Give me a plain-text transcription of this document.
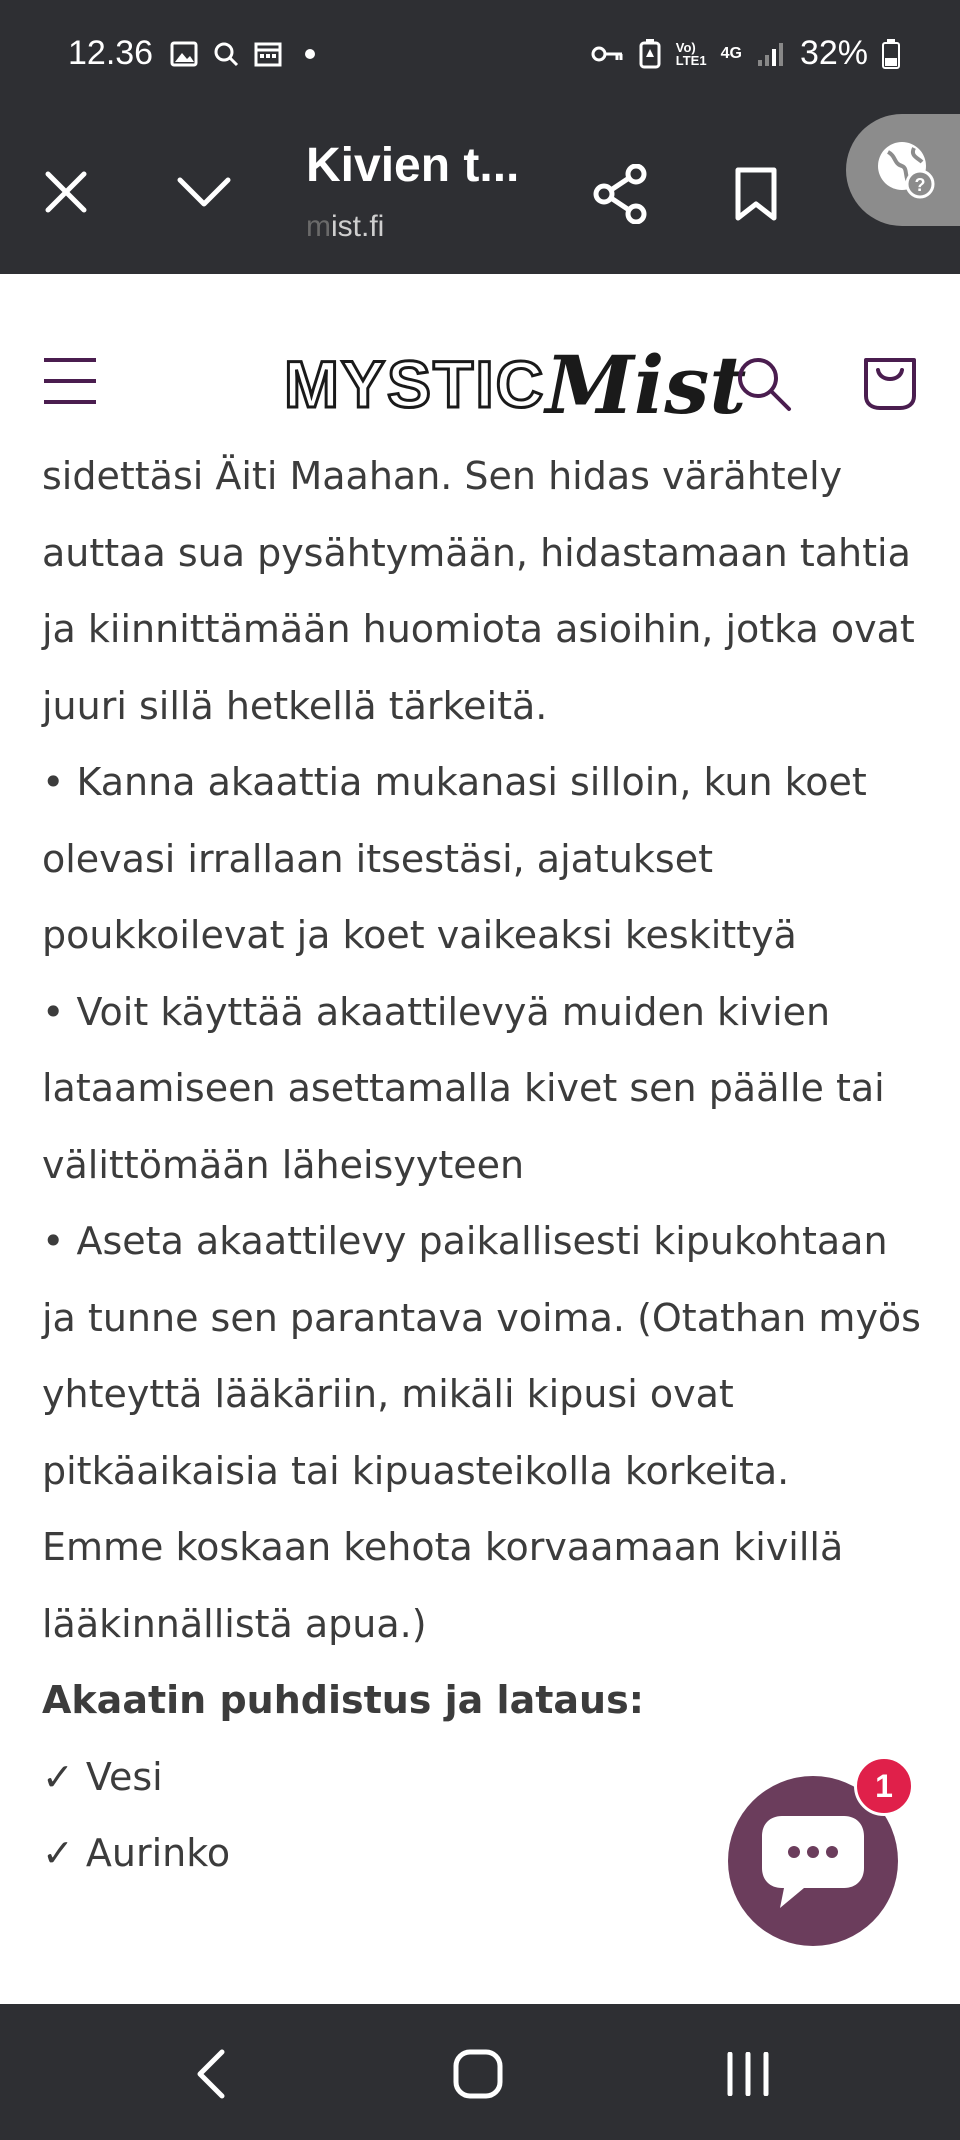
12.36	Vo)
LTE1 4G 32%
Kivien t...
mist.fi
?
MYSTICMist

sidettäsi Äiti Maahan. Sen hidas värähtely auttaa sua pysähtymään, hidastamaan tahtia ja kiinnittämään huomiota asioihin, jotka ovat juuri sillä hetkellä tärkeitä.

• Kanna akaattia mukanasi silloin, kun koet olevasi irrallaan itsestäsi, ajatukset poukkoilevat ja koet vaikeaksi keskittyä

• Voit käyttää akaattilevyä muiden kivien lataamiseen asettamalla kivet sen päälle tai välittömään läheisyyteen

• Aseta akaattilevy paikallisesti kipukohtaan ja tunne sen parantava voima. (Otathan myös yhteyttä lääkäriin, mikäli kipusi ovat pitkäaikaisia tai kipuasteikolla korkeita. Emme koskaan kehota korvaamaan kivillä lääkinnällistä apua.)

Akaatin puhdistus ja lataus:

✓ Vesi

✓ Aurinko

1
